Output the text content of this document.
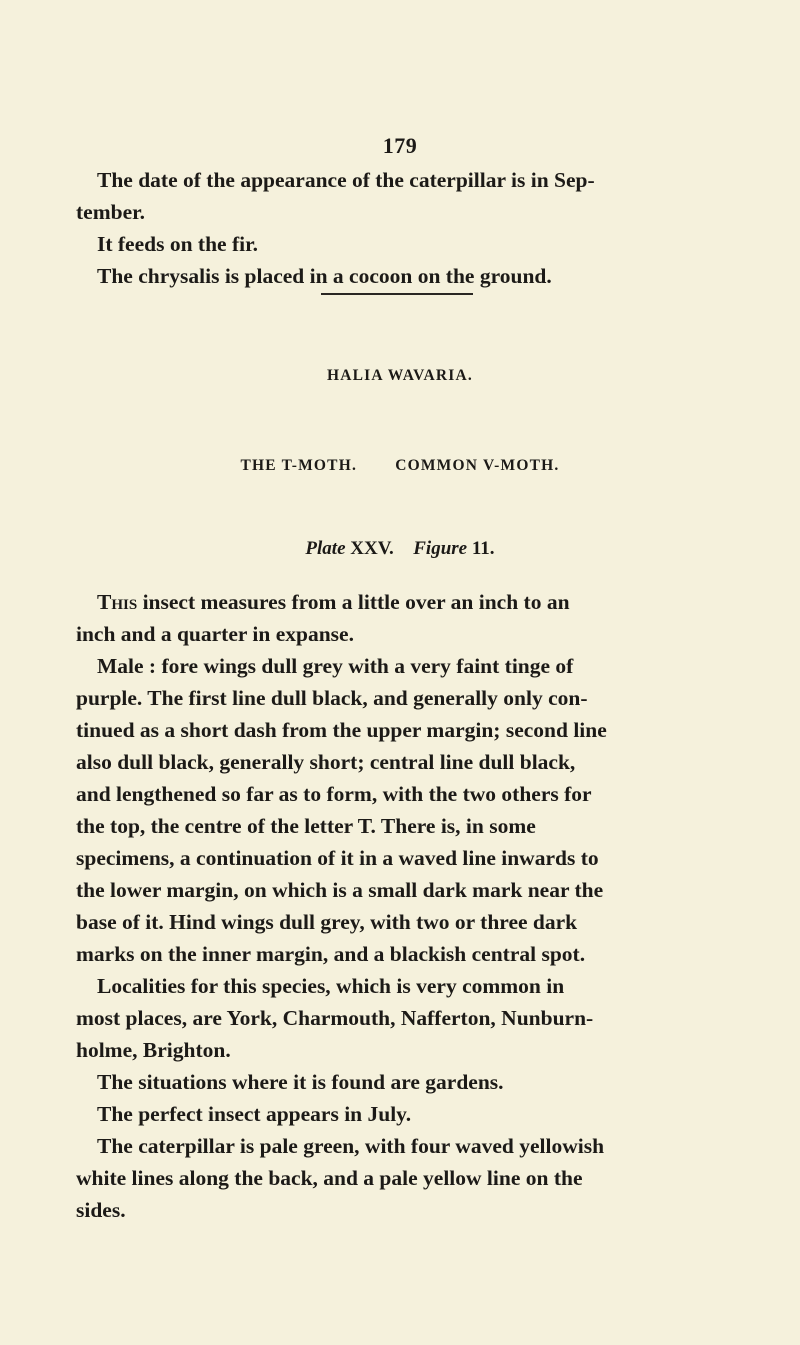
179
The date of the appearance of the caterpillar is in Sep-
tember.
It feeds on the fir.
The chrysalis is placed in a cocoon on the ground.
HALIA WAVARIA.
THE T-MOTH. COMMON V-MOTH.
Plate XXV. Figure 11.
This insect measures from a little over an inch to an
inch and a quarter in expanse.
Male : fore wings dull grey with a very faint tinge of
purple. The first line dull black, and generally only con-
tinued as a short dash from the upper margin; second line
also dull black, generally short; central line dull black,
and lengthened so far as to form, with the two others for
the top, the centre of the letter T. There is, in some
specimens, a continuation of it in a waved line inwards to
the lower margin, on which is a small dark mark near the
base of it. Hind wings dull grey, with two or three dark
marks on the inner margin, and a blackish central spot.
Localities for this species, which is very common in
most places, are York, Charmouth, Nafferton, Nunburn-
holme, Brighton.
The situations where it is found are gardens.
The perfect insect appears in July.
The caterpillar is pale green, with four waved yellowish
white lines along the back, and a pale yellow line on the
sides.
